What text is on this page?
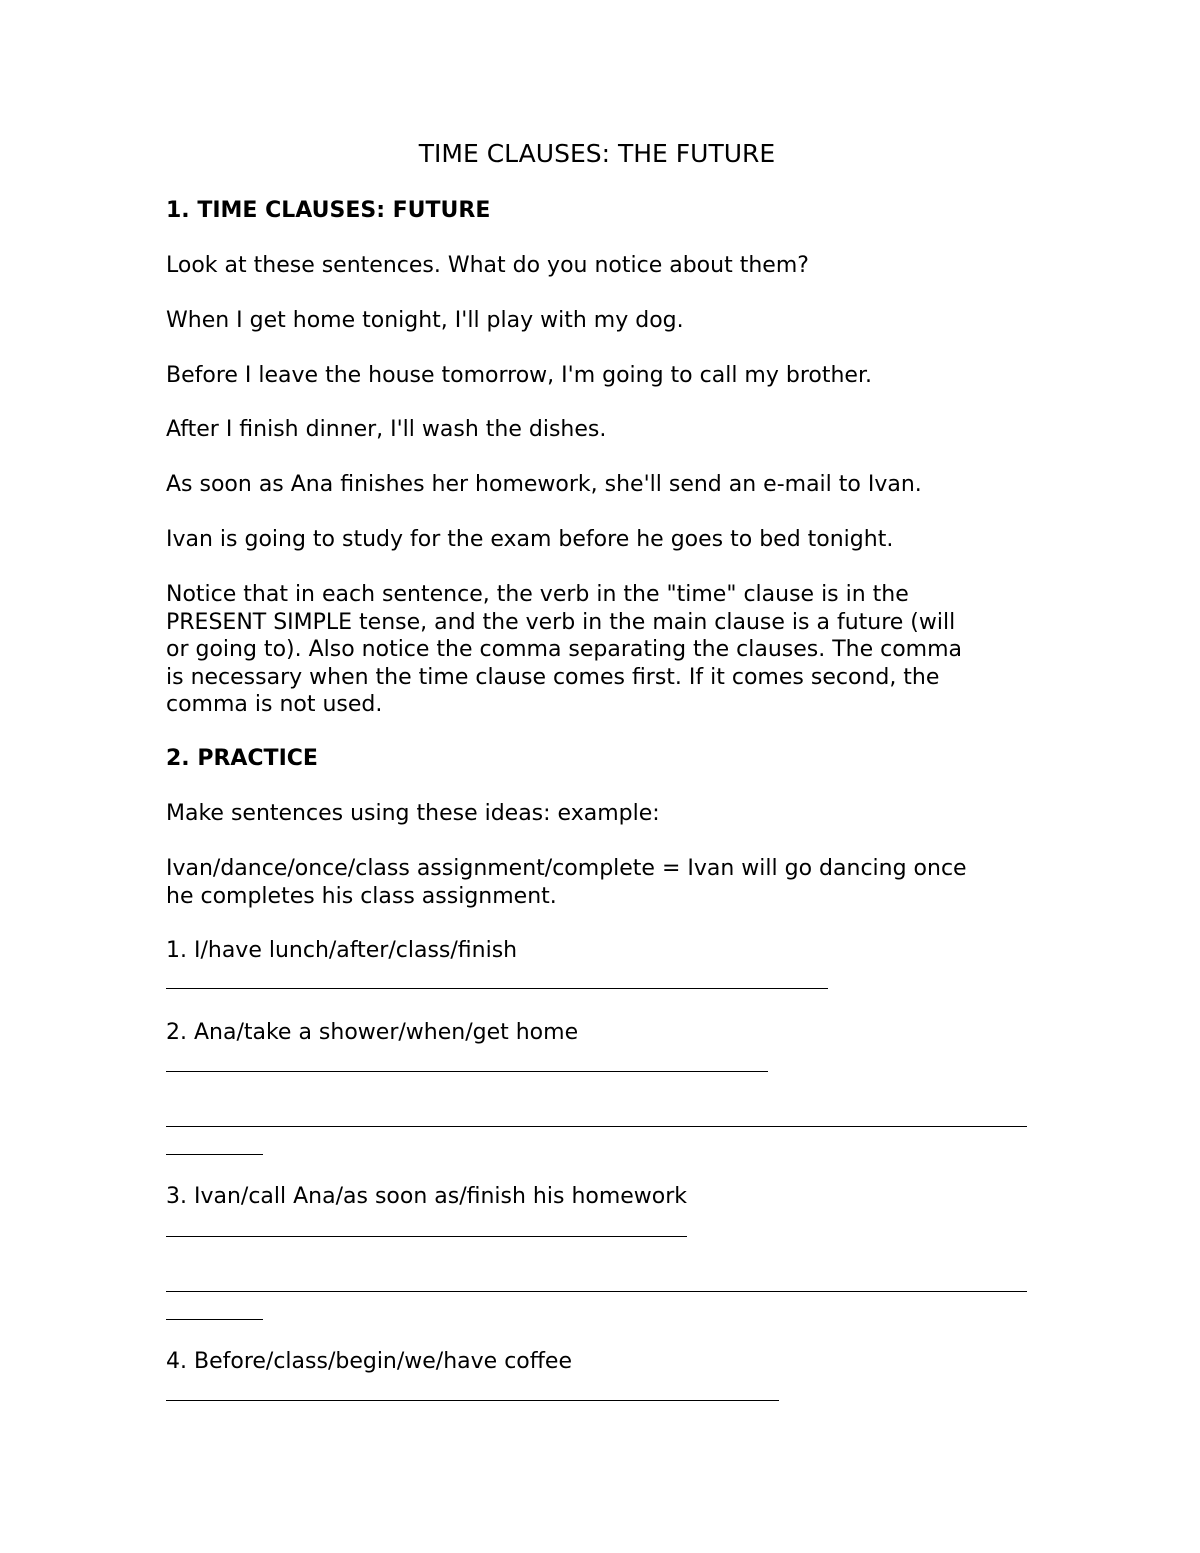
TIME CLAUSES: THE FUTURE

1. TIME CLAUSES: FUTURE

Look at these sentences. What do you notice about them?

When I get home tonight, I'll play with my dog.

Before I leave the house tomorrow, I'm going to call my brother.

After I finish dinner, I'll wash the dishes.

As soon as Ana finishes her homework, she'll send an e-mail to Ivan.

Ivan is going to study for the exam before he goes to bed tonight.

Notice that in each sentence, the verb in the "time" clause is in the
PRESENT SIMPLE tense, and the verb in the main clause is a future (will
or going to). Also notice the comma separating the clauses. The comma
is necessary when the time clause comes first. If it comes second, the
comma is not used.

2. PRACTICE

Make sentences using these ideas: example:

Ivan/dance/once/class assignment/complete = Ivan will go dancing once
he completes his class assignment.

1. I/have lunch/after/class/finish

2. Ana/take a shower/when/get home

3. Ivan/call Ana/as soon as/finish his homework

4. Before/class/begin/we/have coffee
